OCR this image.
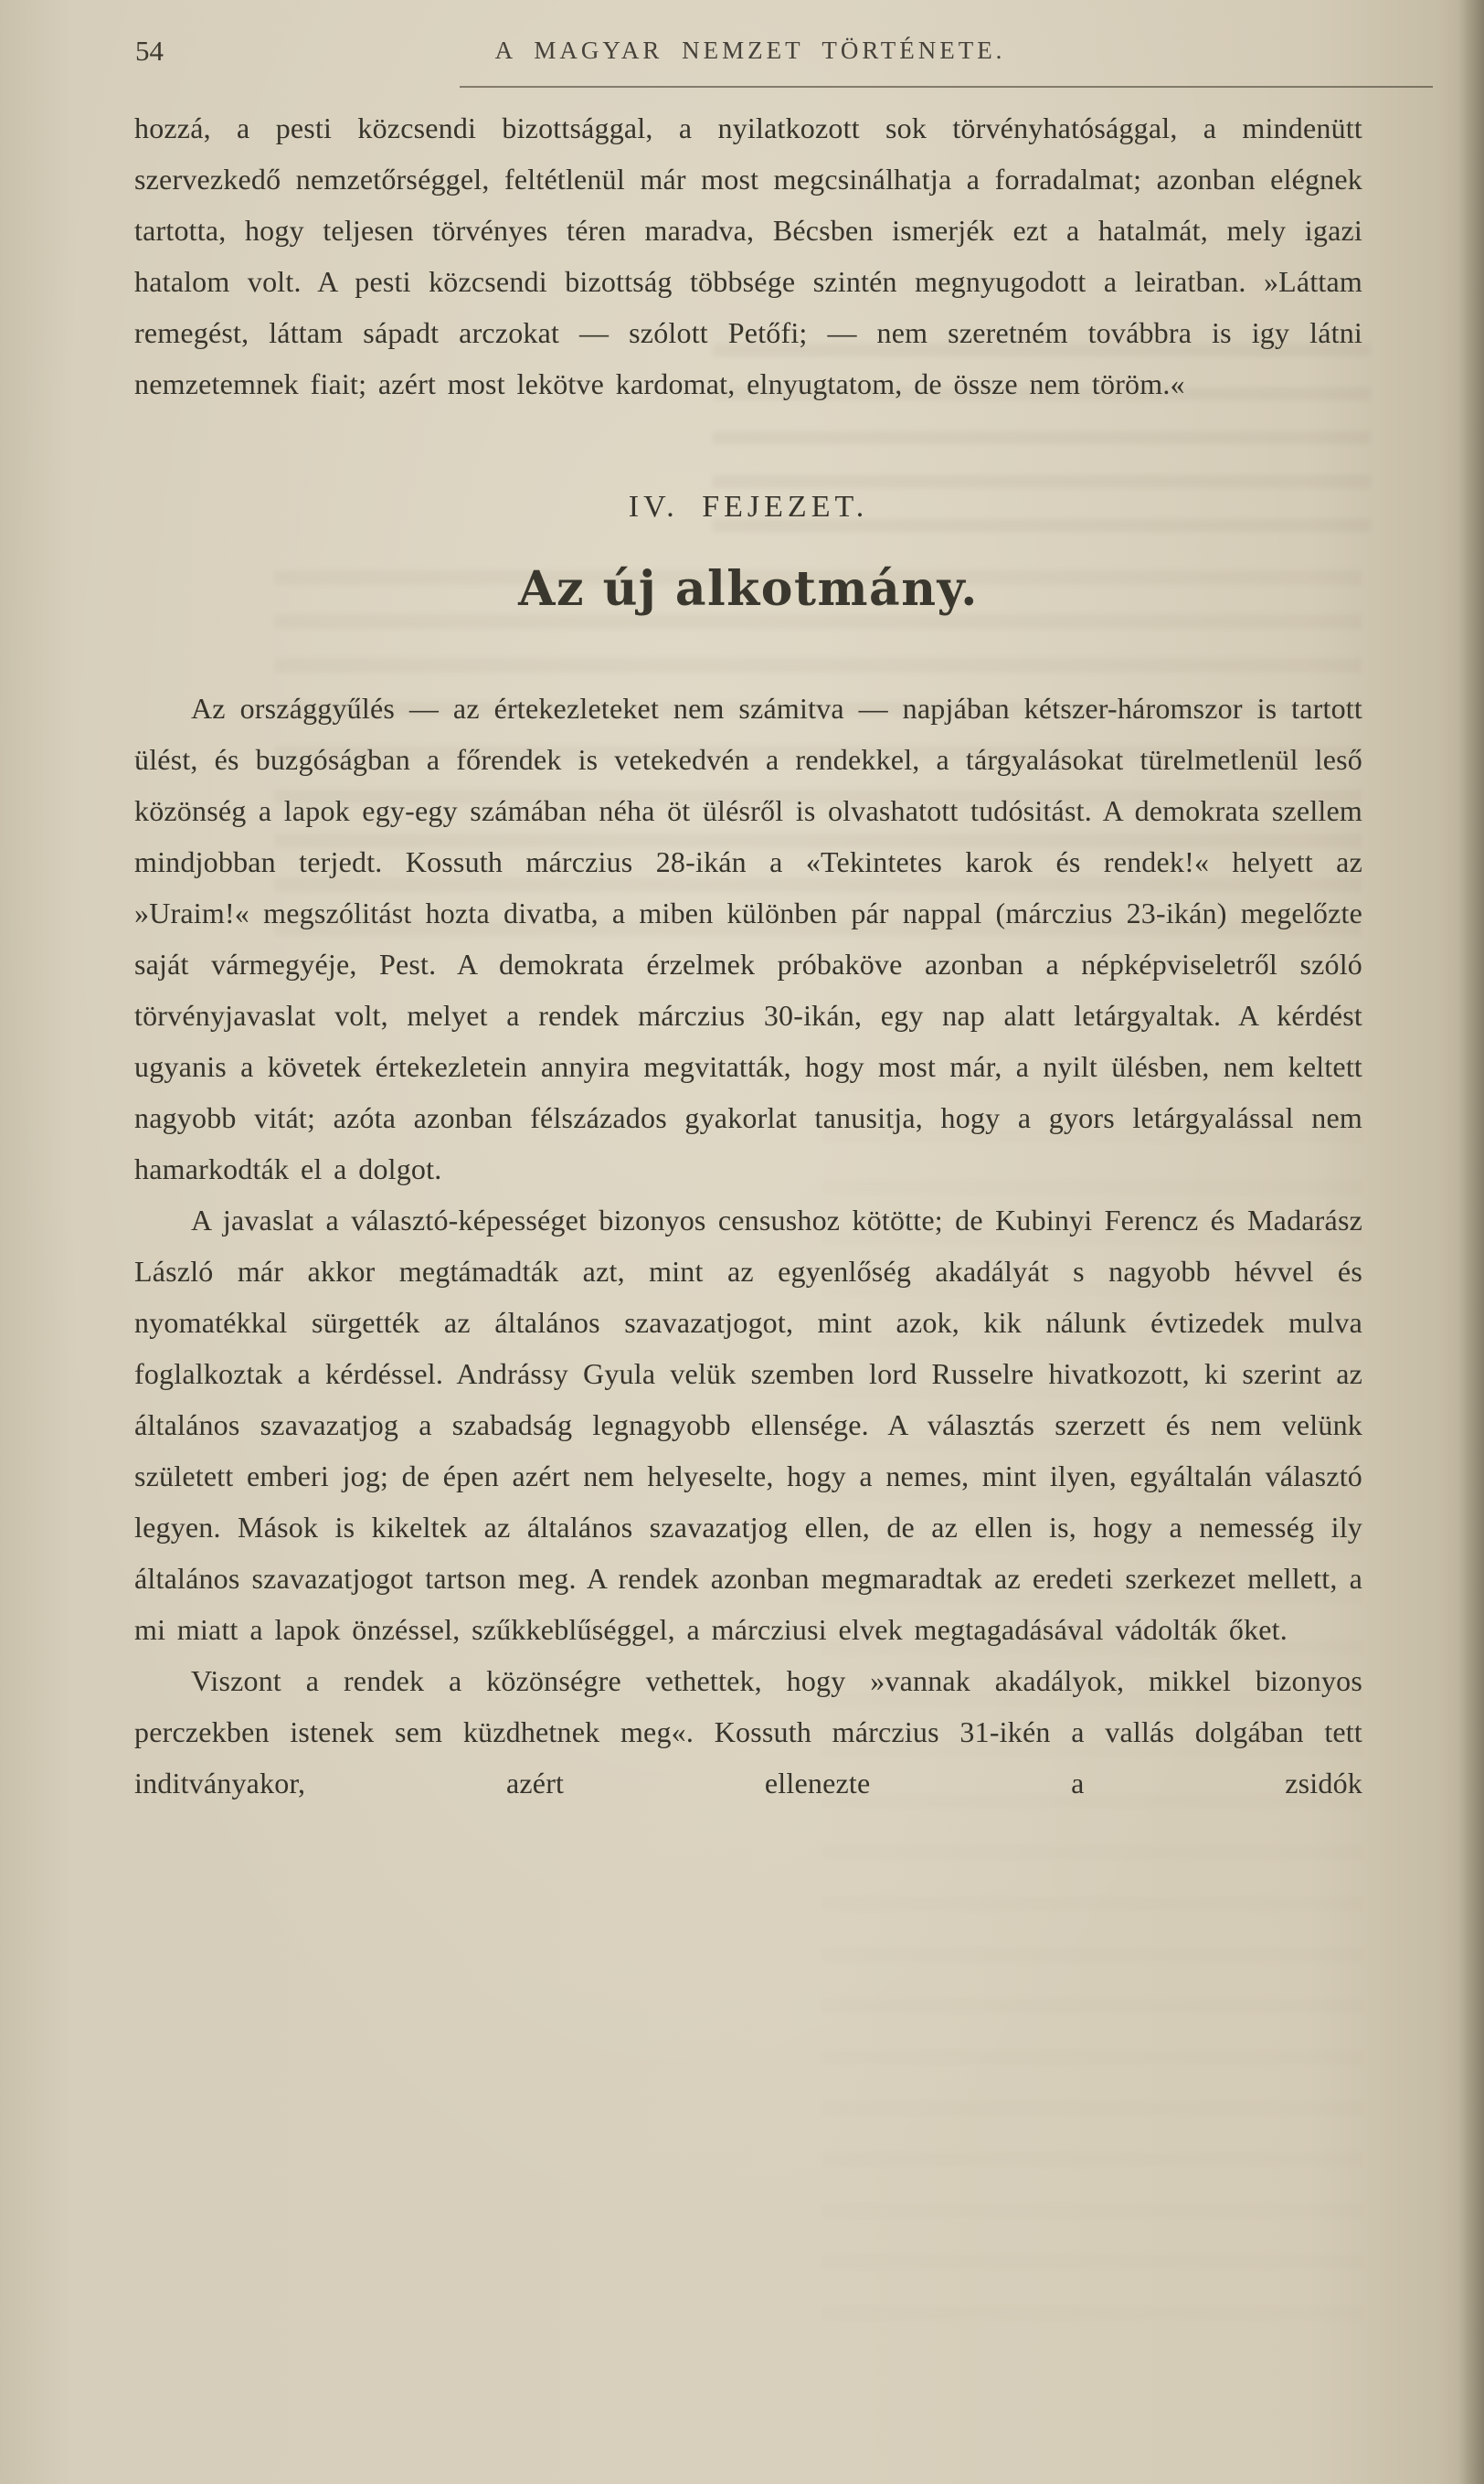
54	A MAGYAR NEMZET TÖRTÉNETE.

hozzá, a pesti közcsendi bizottsággal, a nyilatkozott sok törvényhatósággal, a mindenütt szervezkedő nemzetőrséggel, feltétlenül már most megcsinálhatja a forradalmat; azonban elégnek tartotta, hogy teljesen törvényes téren maradva, Bécsben ismerjék ezt a hatalmát, mely igazi hatalom volt. A pesti közcsendi bizottság többsége szintén megnyugodott a leiratban. »Láttam remegést, láttam sápadt arczokat — szólott Petőfi; — nem szeretném továbbra is igy látni nemzetemnek fiait; azért most lekötve kardomat, elnyugtatom, de össze nem töröm.«

IV. FEJEZET.
Az új alkotmány.

Az országgyűlés — az értekezleteket nem számitva — napjában kétszer-háromszor is tartott ülést, és buzgóságban a főrendek is vetekedvén a rendekkel, a tárgyalásokat türelmetlenül leső közönség a lapok egy-egy számában néha öt ülésről is olvashatott tudósitást. A demokrata szellem mindjobban terjedt. Kossuth márczius 28-ikán a «Tekintetes karok és rendek!« helyett az »Uraim!« megszólitást hozta divatba, a miben különben pár nappal (márczius 23-ikán) megelőzte saját vármegyéje, Pest. A demokrata érzelmek próbaköve azonban a népképviseletről szóló törvényjavaslat volt, melyet a rendek márczius 30-ikán, egy nap alatt letárgyaltak. A kérdést ugyanis a követek értekezletein annyira megvitatták, hogy most már, a nyilt ülésben, nem keltett nagyobb vitát; azóta azonban félszázados gyakorlat tanusitja, hogy a gyors letárgyalással nem hamarkodták el a dolgot.

A javaslat a választó-képességet bizonyos censushoz kötötte; de Kubinyi Ferencz és Madarász László már akkor megtámadták azt, mint az egyenlőség akadályát s nagyobb hévvel és nyomatékkal sürgették az általános szavazatjogot, mint azok, kik nálunk évtizedek mulva foglalkoztak a kérdéssel. Andrássy Gyula velük szemben lord Russelre hivatkozott, ki szerint az általános szavazatjog a szabadság legnagyobb ellensége. A választás szerzett és nem velünk született emberi jog; de épen azért nem helyeselte, hogy a nemes, mint ilyen, egyáltalán választó legyen. Mások is kikeltek az általános szavazatjog ellen, de az ellen is, hogy a nemesség ily általános szavazatjogot tartson meg. A rendek azonban megmaradtak az eredeti szerkezet mellett, a mi miatt a lapok önzéssel, szűkkeblűséggel, a márcziusi elvek megtagadásával vádolták őket.

Viszont a rendek a közönségre vethettek, hogy »vannak akadályok, mikkel bizonyos perczekben istenek sem küzdhetnek meg«. Kossuth márczius 31-ikén a vallás dolgában tett inditványakor, azért ellenezte a zsidók
